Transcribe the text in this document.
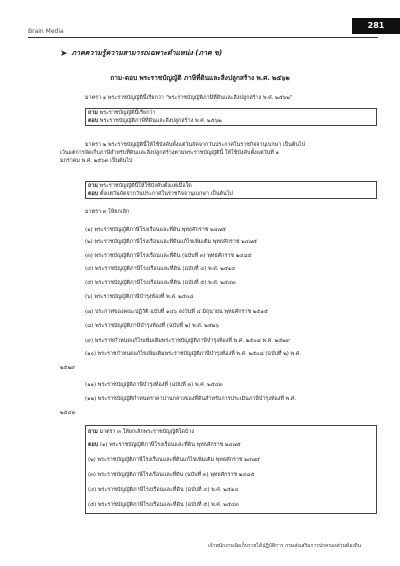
Brain Media
281
➤ ภาคความรู้ความสามารถเฉพาะตำแหน่ง (ภาค ข)
ถาม-ตอบ พระราชบัญญัติ ภาษีที่ดินและสิ่งปลูกสร้าง พ.ศ. ๒๕๖๒
มาตรา ๑ พระราชบัญญัตินี้เรียกว่า "พระราชบัญญัติภาษีที่ดินและสิ่งปลูกสร้าง พ.ศ. ๒๕๖๒"
ถาม พระราชบัญญัตินี้เรียกว่า
ตอบ พระราชบัญญัติภาษีที่ดินและสิ่งปลูกสร้าง พ.ศ. ๒๕๖๒
มาตรา ๒ พระราชบัญญัตินี้ให้ใช้บังคับตั้งแต่วันถัดจากวันประกาศในราชกิจจานุเบกษา เป็นต้นไป
เว้นแต่การจัดเก็บภาษีสำหรับที่ดินและสิ่งปลูกสร้างตามพระราชบัญญัตินี้ ให้ใช้บังคับตั้งแต่วันที่ ๑
มกราคม พ.ศ. ๒๕๖๓ เป็นต้นไป
ถาม พระราชบัญญัตินี้ให้ใช้บังคับตั้งแต่เมื่อใด
ตอบ ตั้งแต่วันถัดจากวันประกาศในราชกิจจานุเบกษา เป็นต้นไป
มาตรา ๓ ให้ยกเลิก
(๑) พระราชบัญญัติภาษีโรงเรือนและที่ดิน พุทธศักราช ๒๔๗๕
(๒) พระราชบัญญัติภาษีโรงเรือนและที่ดินแก้ไขเพิ่มเติม พุทธศักราช ๒๔๗๕
(๓) พระราชบัญญัติภาษีโรงเรือนและที่ดิน (ฉบับที่ ๓) พุทธศักราช ๒๔๘๕
(๔) พระราชบัญญัติภาษีโรงเรือนและที่ดิน (ฉบับที่ ๔) พ.ศ. ๒๕๑๔
(๕) พระราชบัญญัติภาษีโรงเรือนและที่ดิน (ฉบับที่ ๕) พ.ศ. ๒๕๔๓
(๖) พระราชบัญญัติภาษีบำรุงท้องที่ พ.ศ. ๒๕๐๘
(๗) ประกาศของคณะปฏิวัติ ฉบับที่ ๑๔๖ ลงวันที่ ๔ มิถุนายน พุทธศักราช ๒๕๑๕
(๘) พระราชบัญญัติภาษีบำรุงท้องที่ (ฉบับที่ ๒) พ.ศ. ๒๕๒๖
(๙) พระราชกำหนดแก้ไขเพิ่มเติมพระราชบัญญัติภาษีบำรุงท้องที่ พ.ศ. ๒๕๐๘ พ.ศ. ๒๕๒๙
(๑๐) พระราชกำหนดแก้ไขเพิ่มเติมพระราชบัญญัติภาษีบำรุงท้องที่ พ.ศ. ๒๕๐๘ (ฉบับที่ ๒) พ.ศ.
๒๕๒๙
(๑๑) พระราชบัญญัติภาษีบำรุงท้องที่ (ฉบับที่ ๓) พ.ศ. ๒๕๔๓
(๑๒) พระราชบัญญัติกำหนดราคาปานกลางของที่ดินสำหรับการประเมินภาษีบำรุงท้องที่ พ.ศ.
๒๕๔๓
ถาม มาตรา ๓ ให้ยกเลิกพระราชบัญญัติใดบ้าง
ตอบ (๑) พระราชบัญญัติภาษีโรงเรือนและที่ดิน พุทธศักราช ๒๔๗๕
(๒) พระราชบัญญัติภาษีโรงเรือนและที่ดินแก้ไขเพิ่มเติม พุทธศักราช ๒๔๗๕
(๓) พระราชบัญญัติภาษีโรงเรือนและที่ดิน (ฉบับที่ ๓) พุทธศักราช ๒๔๘๕
(๔) พระราชบัญญัติภาษีโรงเรือนและที่ดิน (ฉบับที่ ๔) พ.ศ. ๒๕๑๔
(๕) พระราชบัญญัติภาษีโรงเรือนและที่ดิน (ฉบับที่ ๕) พ.ศ. ๒๕๔๓
เจ้าพนักงานจัดเก็บรายได้ปฏิบัติการ กรมส่งเสริมการปกครองส่วนท้องถิ่น
